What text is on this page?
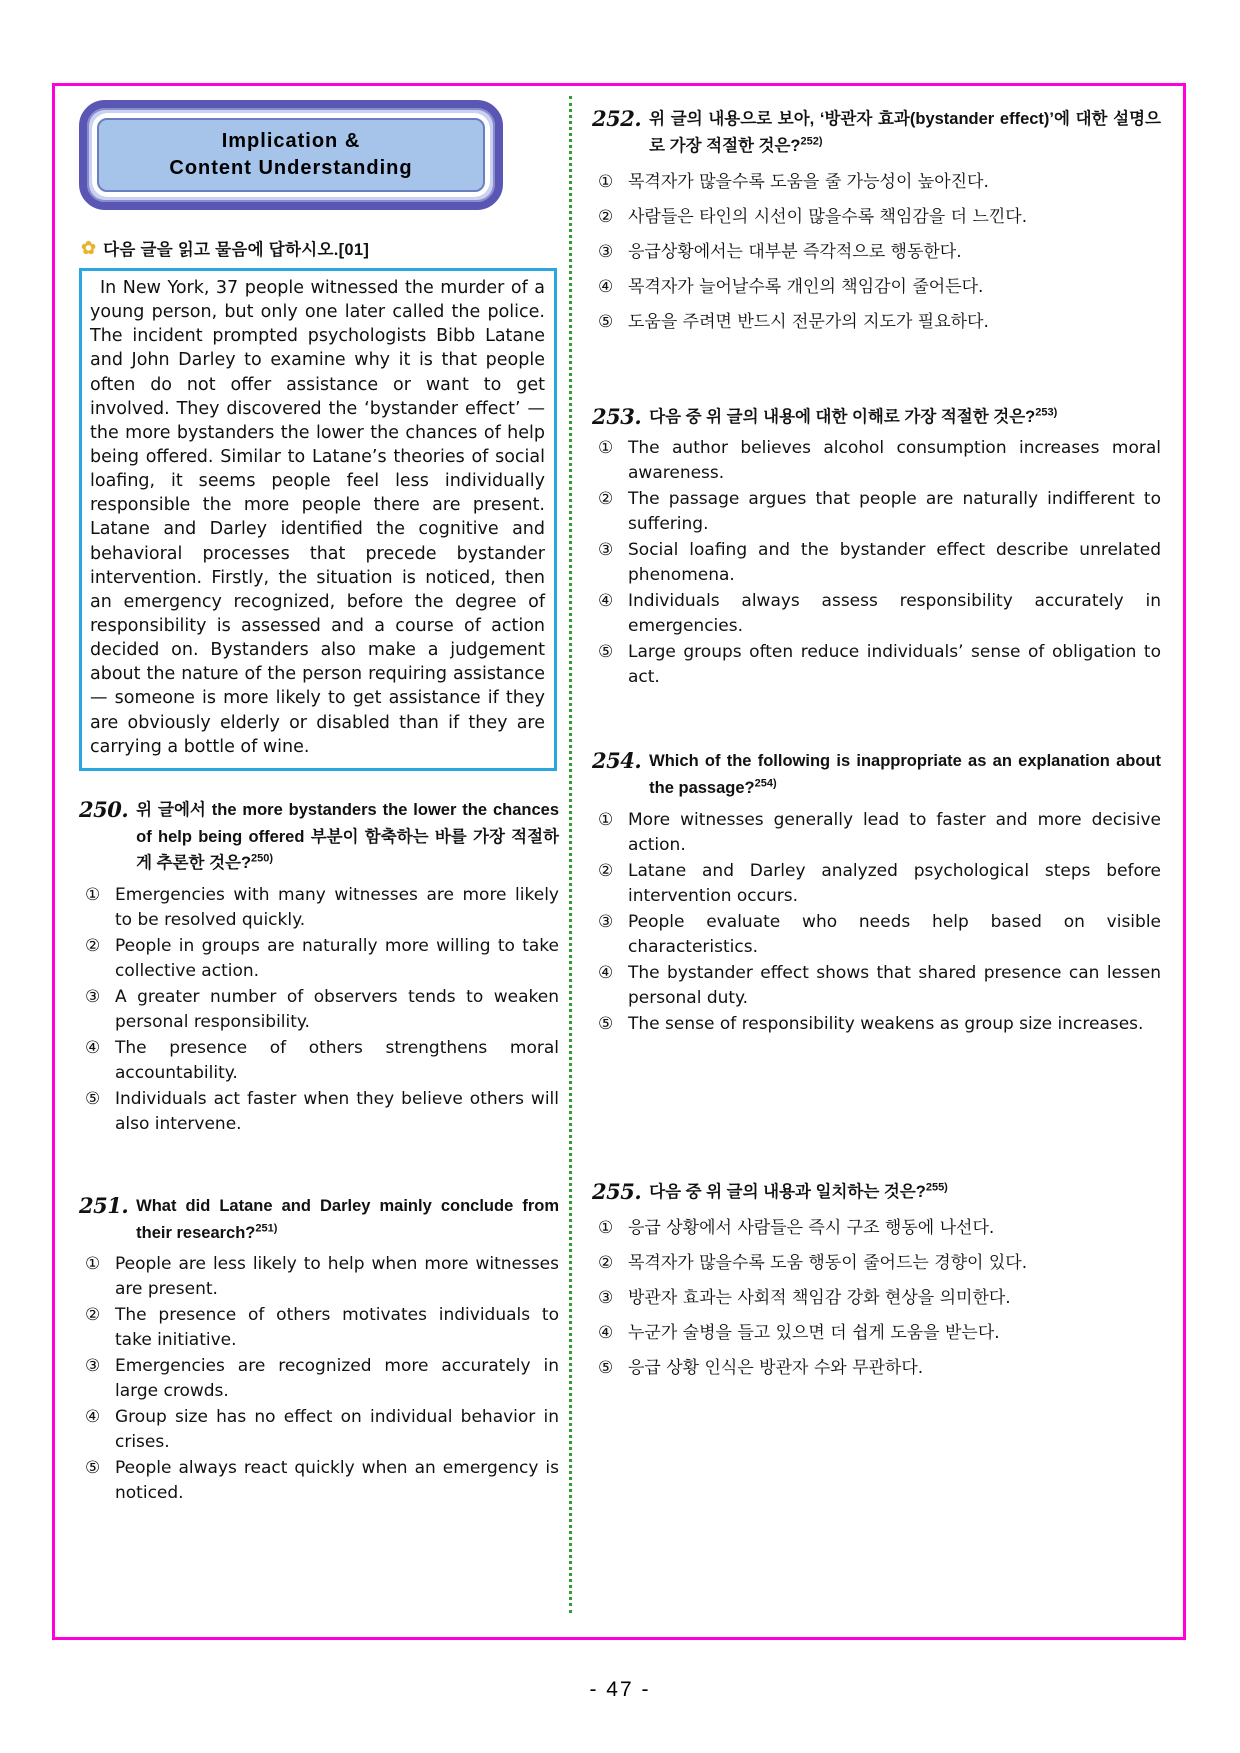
Implication &
Content Understanding
✿ 다음 글을 읽고 물음에 답하시오.[01]

In New York, 37 people witnessed the murder of a young person, but only one later called the police. The incident prompted psychologists Bibb Latane and John Darley to examine why it is that people often do not offer assistance or want to get involved. They discovered the ‘bystander effect’ — the more bystanders the lower the chances of help being offered. Similar to Latane’s theories of social loafing, it seems people feel less individually responsible the more people there are present. Latane and Darley identified the cognitive and behavioral processes that precede bystander intervention. Firstly, the situation is noticed, then an emergency recognized, before the degree of responsibility is assessed and a course of action decided on. Bystanders also make a judgement about the nature of the person requiring assistance — someone is more likely to get assistance if they are obviously elderly or disabled than if they are carrying a bottle of wine.

250. 위 글에서 the more bystanders the lower the chances of help being offered 부분이 함축하는 바를 가장 적절하게 추론한 것은?$^{250)}$
① Emergencies with many witnesses are more likely to be resolved quickly.
② People in groups are naturally more willing to take collective action.
③ A greater number of observers tends to weaken personal responsibility.
④ The presence of others strengthens moral accountability.
⑤ Individuals act faster when they believe others will also intervene.
251. What did Latane and Darley mainly conclude from their research?$^{251)}$
① People are less likely to help when more witnesses are present.
② The presence of others motivates individuals to take initiative.
③ Emergencies are recognized more accurately in large crowds.
④ Group size has no effect on individual behavior in crises.
⑤ People always react quickly when an emergency is noticed.
252. 위 글의 내용으로 보아, ‘방관자 효과(bystander effect)’에 대한 설명으로 가장 적절한 것은?$^{252)}$
① 목격자가 많을수록 도움을 줄 가능성이 높아진다.
② 사람들은 타인의 시선이 많을수록 책임감을 더 느낀다.
③ 응급상황에서는 대부분 즉각적으로 행동한다.
④ 목격자가 늘어날수록 개인의 책임감이 줄어든다.
⑤ 도움을 주려면 반드시 전문가의 지도가 필요하다.
253. 다음 중 위 글의 내용에 대한 이해로 가장 적절한 것은?$^{253)}$
① The author believes alcohol consumption increases moral awareness.
② The passage argues that people are naturally indifferent to suffering.
③ Social loafing and the bystander effect describe unrelated phenomena.
④ Individuals always assess responsibility accurately in emergencies.
⑤ Large groups often reduce individuals’ sense of obligation to act.
254. Which of the following is inappropriate as an explanation about the passage?$^{254)}$
① More witnesses generally lead to faster and more decisive action.
② Latane and Darley analyzed psychological steps before intervention occurs.
③ People evaluate who needs help based on visible characteristics.
④ The bystander effect shows that shared presence can lessen personal duty.
⑤ The sense of responsibility weakens as group size increases.
255. 다음 중 위 글의 내용과 일치하는 것은?$^{255)}$
① 응급 상황에서 사람들은 즉시 구조 행동에 나선다.
② 목격자가 많을수록 도움 행동이 줄어드는 경향이 있다.
③ 방관자 효과는 사회적 책임감 강화 현상을 의미한다.
④ 누군가 술병을 들고 있으면 더 쉽게 도움을 받는다.
⑤ 응급 상황 인식은 방관자 수와 무관하다.
- 47 -
